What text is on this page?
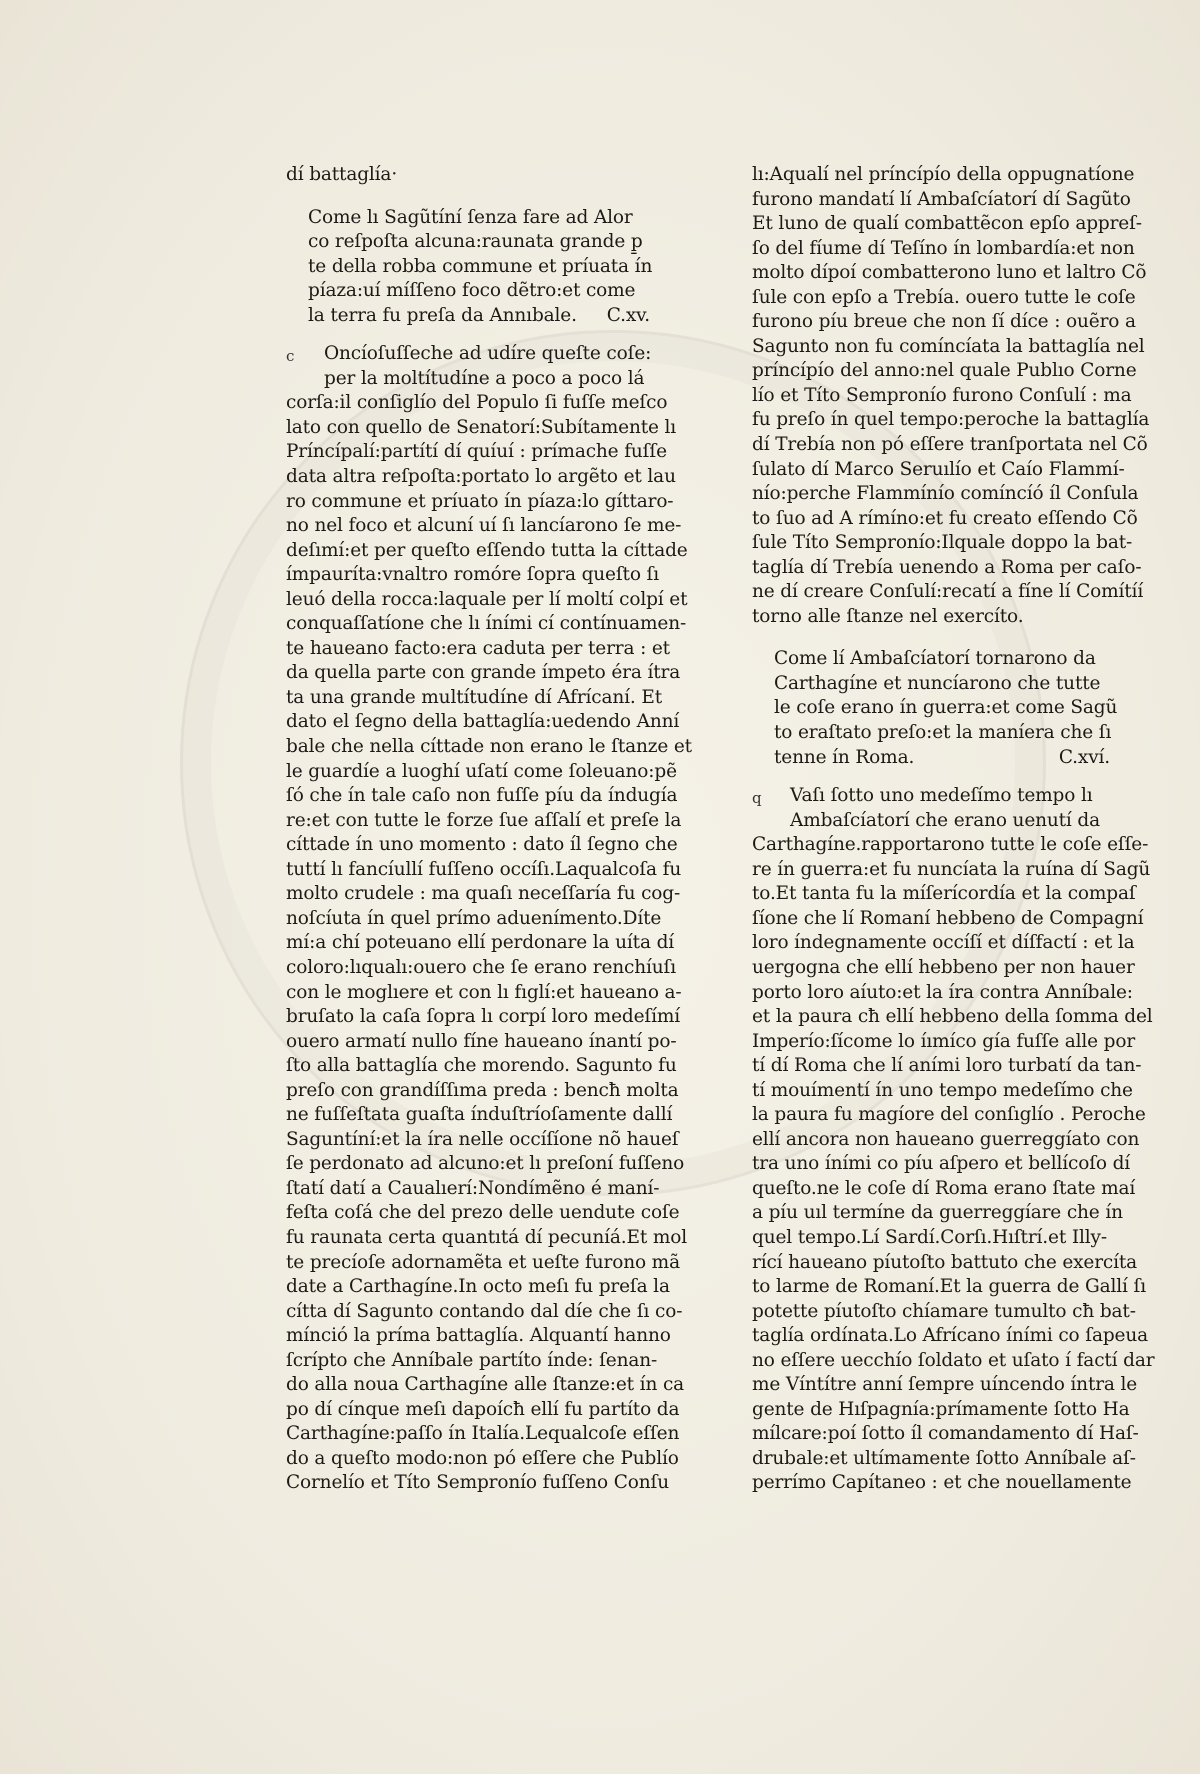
dí battaglía·
Come lı Sagũtíní ſenza fare ad Alor
co reſpoſta alcuna:raunata grande p̱
te della robba commune et príuata ín
píaza:uí míſſeno foco dẽtro:et come
la terra fu preſa da Annıbale. C.xv.
c	Oncíoſuſſeche ad udíre queſte coſe:
per la moltítudíne a poco a poco lá
corſa:il conſiglío del Populo ſi fuſſe meſco
lato con quello de Senatorí:Subítamente lı
Príncípalí:partítí dí quíuí : prímache fuſſe
data altra reſpoſta:portato lo argẽto et lau
ro commune et príuato ín píaza:lo gíttaro-
no nel foco et alcuní uí ſı lancíarono ſe me-
deſımí:et per queſto eſſendo tutta la cíttade
ímpauríta:vnaltro romóre ſopra queſto ſı
leuó della rocca:laquale per lí moltí colpí et
conquaſſatíone che lı íními cí contínuamen-
te haueano facto:era caduta per terra : et
da quella parte con grande ímpeto éra ítra
ta una grande multítudíne dí Afrícaní. Et
dato el ſegno della battaglía:uedendo Anní
bale che nella cíttade non erano le ſtanze et
le guardíe a luoghí uſatí come ſoleuano:pẽ
ſó che ín tale caſo non fuſſe píu da índugía
re:et con tutte le forze ſue aſſalí et preſe la
cíttade ín uno momento : dato íl ſegno che
tuttí lı fancíullí fuſſeno occíſı.Laqualcoſa fu
molto crudele : ma quaſı neceſſaría fu cog-
noſcíuta ín quel prímo aduenímento.Díte
mí:a chí poteuano ellí perdonare la uíta dí
coloro:lıqualı:ouero che ſe erano renchíuſı
con le moglıere et con lı fıglí:et haueano a-
bruſato la caſa ſopra lı corpí loro medeſímí
ouero armatí nullo fíne haueano ínantí po-
ſto alla battaglía che morendo. Sagunto fu
preſo con grandíſſıma preda : bencħ molta
ne fuſſeſtata guaſta índuſtríoſamente dallí
Saguntíní:et la íra nelle occíſíone nõ haueſ
ſe perdonato ad alcuno:et lı preſoní fuſſeno
ſtatí datí a Caualıerí:Nondímẽno é maní-
feſta coſá che del prezo delle uendute coſe
fu raunata certa quantıtá dí pecuníá.Et mol
te precíoſe adornamẽta et ueſte furono mã
date a Carthagíne.In octo meſı fu preſa la
cítta dí Sagunto contando dal díe che ſı co-
mínció la príma battaglía. Alquantí hanno
ſcrípto che Anníbale partíto índe: ſenan-
do alla noua Carthagíne alle ſtanze:et ín ca
po dí cínque meſı dapoícħ ellí fu partíto da
Carthagíne:paſſo ín Italía.Lequalcoſe eſſen
do a queſto modo:non pó eſſere che Publío
Cornelío et Títo Sempronío fuſſeno Conſu
lı:Aqualí nel príncípío della oppugnatíone
furono mandatí lí Ambaſcíatorí dí Sagũto
Et luno de qualí combattẽcon epſo appreſ-
ſo del fíume dí Teſíno ín lombardía:et non
molto dípoí combatterono luno et laltro Cõ
ſule con epſo a Trebía. ouero tutte le coſe
furono píu breue che non ſí díce : ouẽro a
Sagunto non fu comíncíata la battaglía nel
príncípío del anno:nel quale Publıo Corne
lío et Títo Sempronío furono Conſulí : ma
fu preſo ín quel tempo:peroche la battaglía
dí Trebía non pó eſſere tranſportata nel Cõ
ſulato dí Marco Seruılío et Caío Flammí-
nío:perche Flammínío comíncíó íl Conſula
to ſuo ad A rímíno:et fu creato eſſendo Cõ
ſule Títo Sempronío:Ilquale doppo la bat-
taglía dí Trebía uenendo a Roma per caſo-
ne dí creare Conſulí:recatí a fíne lí Comítíí
torno alle ſtanze nel exercíto.
Come lí Ambaſcíatorí tornarono da
Carthagíne et nuncíarono che tutte
le coſe erano ín guerra:et come Sagũ
to eraſtato preſo:et la maníera che ſı
tenne ín Roma.	C.xví.
q	Vaſı ſotto uno medeſímo tempo lı
Ambaſcíatorí che erano uenutí da
Carthagíne.rapportarono tutte le coſe eſſe-
re ín guerra:et fu nuncíata la ruína dí Sagũ
to.Et tanta fu la míſerícordía et la compaſ
ſíone che lí Romaní hebbeno de Compagní
loro índegnamente occíſí et díſfactí : et la
uergogna che ellí hebbeno per non hauer
porto loro aíuto:et la íra contra Anníbale:
et la paura cħ ellí hebbeno della ſomma del
Imperío:ſícome lo íımíco gía fuſſe alle por
tí dí Roma che lí aními loro turbatí da tan-
tí mouímentí ín uno tempo medeſímo che
la paura fu magíore del conſıglío . Peroche
ellí ancora non haueano guerreggíato con
tra uno íními co píu aſpero et bellícoſo dí
queſto.ne le coſe dí Roma erano ſtate maí
a píu uıl termíne da guerreggíare che ín
quel tempo.Lí Sardí.Corſı.Hıſtrí.et Illy-
rící haueano píutoſto battuto che exercíta
to larme de Romaní.Et la guerra de Gallí ſı
potette píutoſto chíamare tumulto cħ bat-
taglía ordínata.Lo Afrícano íními co ſapeua
no eſſere uecchío ſoldato et uſato í factí dar
me Víntítre anní ſempre uíncendo íntra le
gente de Hıſpagnía:prímamente ſotto Ha
mílcare:poí ſotto íl comandamento dí Haſ-
drubale:et ultímamente ſotto Anníbale aſ-
perrímo Capítaneo : et che nouellamente
